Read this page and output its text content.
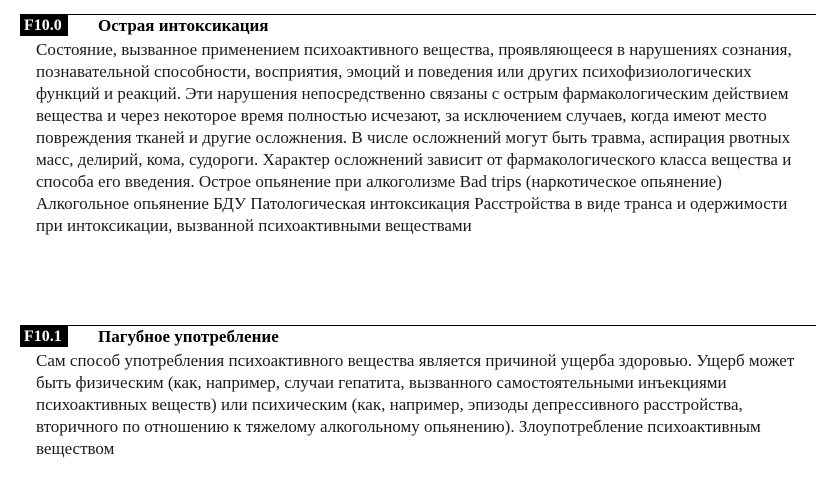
F10.0	Острая интоксикация
Состояние, вызванное применением психоактивного вещества, проявляющееся в нарушениях сознания, познавательной способности, восприятия, эмоций и поведения или других психофизиологических функций и реакций. Эти нарушения непосредственно связаны с острым фармакологическим действием вещества и через некоторое время полностью исчезают, за исключением случаев, когда имеют место повреждения тканей и другие осложнения. В числе осложнений могут быть травма, аспирация рвотных масс, делирий, кома, судороги. Характер осложнений зависит от фармакологического класса вещества и способа его введения. Острое опьянение при алкоголизме Bad trips (наркотическое опьянение) Алкогольное опьянение БДУ Патологическая интоксикация Расстройства в виде транса и одержимости при интоксикации, вызванной психоактивными веществами
F10.1	Пагубное употребление
Сам способ употребления психоактивного вещества является причиной ущерба здоровью. Ущерб может быть физическим (как, например, случаи гепатита, вызванного самостоятельными инъекциями психоактивных веществ) или психическим (как, например, эпизоды депрессивного расстройства, вторичного по отношению к тяжелому алкогольному опьянению). Злоупотребление психоактивным веществом
